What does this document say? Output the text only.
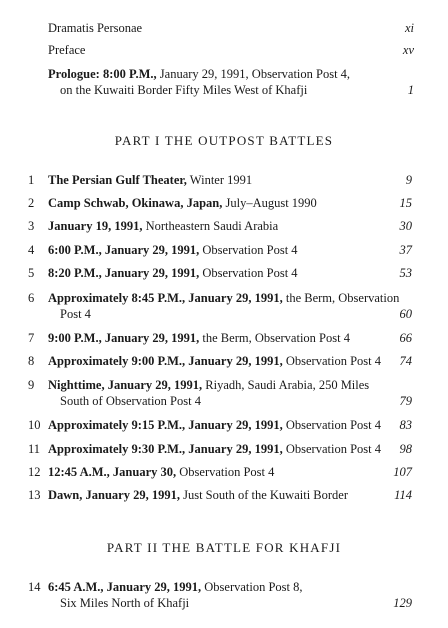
Dramatis Personae	xi
Preface	xv
Prologue: 8:00 P.M., January 29, 1991, Observation Post 4,
on the Kuwaiti Border Fifty Miles West of Khafji	1
PART I THE OUTPOST BATTLES
1	The Persian Gulf Theater, Winter 1991	9
2	Camp Schwab, Okinawa, Japan, July–August 1990	15
3	January 19, 1991, Northeastern Saudi Arabia	30
4	6:00 P.M., January 29, 1991, Observation Post 4	37
5	8:20 P.M., January 29, 1991, Observation Post 4	53
6	Approximately 8:45 P.M., January 29, 1991, the Berm, Observation
Post 4	60
7	9:00 P.M., January 29, 1991, the Berm, Observation Post 4	66
8	Approximately 9:00 P.M., January 29, 1991, Observation Post 4 74
9	Nighttime, January 29, 1991, Riyadh, Saudi Arabia, 250 Miles
South of Observation Post 4	79
10 Approximately 9:15 P.M., January 29, 1991, Observation Post 4 83
11 Approximately 9:30 P.M., January 29, 1991, Observation Post 4 98
12 12:45 A.M., January 30, Observation Post 4	107
13 Dawn, January 29, 1991, Just South of the Kuwaiti Border	114
PART II THE BATTLE FOR KHAFJI
14 6:45 A.M., January 29, 1991, Observation Post 8,
Six Miles North of Khafji	129
